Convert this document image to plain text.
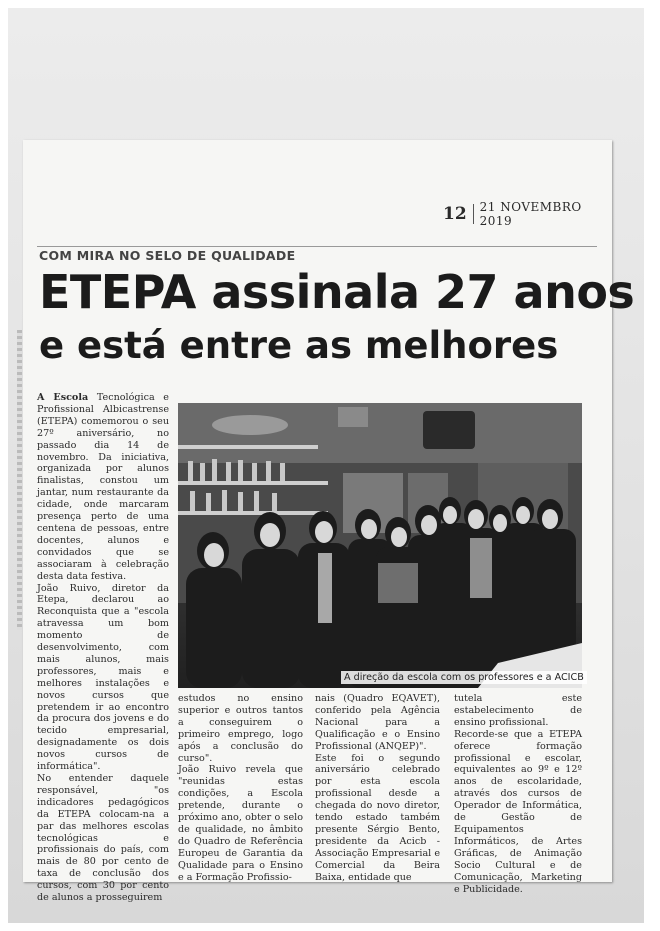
12 21 NOVEMBRO 2019
COM MIRA NO SELO DE QUALIDADE
ETEPA assinala 27 anos
e está entre as melhores

A Escola Tecnológica e Profissional Albicastrense (ETEPA) comemorou o seu 27º aniversário, no passado dia 14 de novembro. Da iniciativa, organizada por alunos finalistas, constou um jantar, num restaurante da cidade, onde marcaram presença perto de uma centena de pessoas, entre docentes, alunos e convidados que se associaram à celebração desta data festiva.

João Ruivo, diretor da Etepa, declarou ao Reconquista que a "escola atravessa um bom momento de desenvolvimento, com mais alunos, mais professores, mais e melhores instalações e novos cursos que pretendem ir ao encontro da procura dos jovens e do tecido empresarial, designadamente os dois novos cursos de informática".

No entender daquele responsável, "os indicadores pedagógicos da ETEPA colocam-na a par das melhores escolas tecnológicas e profissionais do país, com mais de 80 por cento de taxa de conclusão dos cursos, com 30 por cento de alunos a prosseguirem

A direção da escola com os professores e a ACICB

estudos no ensino superior e outros tantos a conseguirem o primeiro emprego, logo após a conclusão do curso".

João Ruivo revela que "reunidas estas condições, a Escola pretende, durante o próximo ano, obter o selo de qualidade, no âmbito do Quadro de Referência Europeu de Garantia da Qualidade para o Ensino e a Formação Profissio-

nais (Quadro EQAVET), conferido pela Agência Nacional para a Qualificação e o Ensino Profissional (ANQEP)".

Este foi o segundo aniversário celebrado por esta escola profissional desde a chegada do novo diretor, tendo estado também presente Sérgio Bento, presidente da Acicb - Associação Empresarial e Comercial da Beira Baixa, entidade que

tutela este estabelecimento de ensino profissional.

Recorde-se que a ETEPA oferece formação profissional e escolar, equivalentes ao 9º e 12º anos de escolaridade, através dos cursos de Operador de Informática, de Gestão de Equipamentos Informáticos, de Artes Gráficas, de Animação Socio Cultural e de Comunicação, Marketing e Publicidade.
